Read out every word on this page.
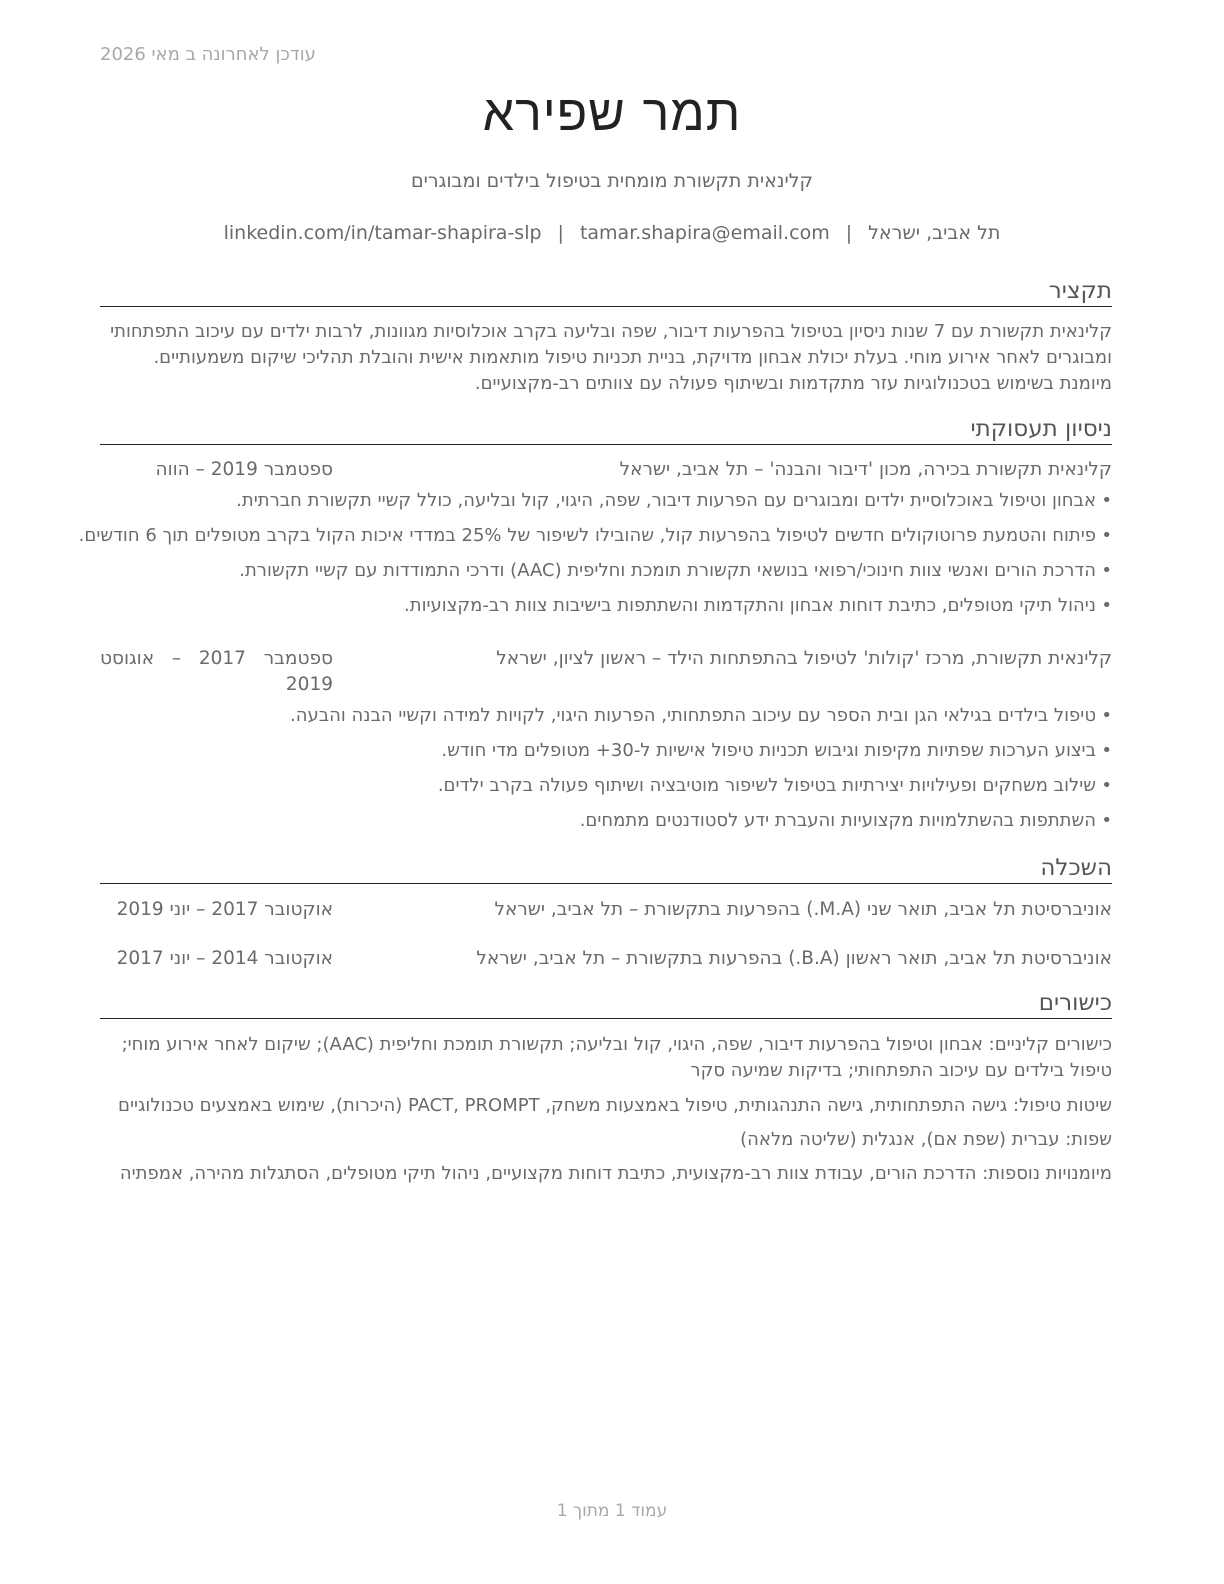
עודכן לאחרונה ב מאי 2026
תמר שפירא
קלינאית תקשורת מומחית בטיפול בילדים ומבוגרים
תל אביב, ישראל|tamar.shapira@email.com|linkedin.com/in/tamar-shapira-slp
תקציר
קלינאית תקשורת עם 7 שנות ניסיון בטיפול בהפרעות דיבור, שפה ובליעה בקרב אוכלוסיות מגוונות, לרבות ילדים עם עיכוב התפתחותי ומבוגרים לאחר אירוע מוחי. בעלת יכולת אבחון מדויקת, בניית תכניות טיפול מותאמות אישית והובלת תהליכי שיקום משמעותיים. מיומנת בשימוש בטכנולוגיות עזר מתקדמות ובשיתוף פעולה עם צוותים רב-מקצועיים.
ניסיון תעסוקתי
קלינאית תקשורת בכירה, מכון 'דיבור והבנה' – תל אביב, ישראל
ספטמבר 2019 – הווה
• אבחון וטיפול באוכלוסיית ילדים ומבוגרים עם הפרעות דיבור, שפה, היגוי, קול ובליעה, כולל קשיי תקשורת חברתית.
• פיתוח והטמעת פרוטוקולים חדשים לטיפול בהפרעות קול, שהובילו לשיפור של 25% במדדי איכות הקול בקרב מטופלים תוך 6 חודשים.
• הדרכת הורים ואנשי צוות חינוכי/רפואי בנושאי תקשורת תומכת וחליפית (AAC) ודרכי התמודדות עם קשיי תקשורת.
• ניהול תיקי מטופלים, כתיבת דוחות אבחון והתקדמות והשתתפות בישיבות צוות רב-מקצועיות.
קלינאית תקשורת, מרכז 'קולות' לטיפול בהתפתחות הילד – ראשון לציון, ישראל
ספטמבר 2017 – אוגוסט 2019
• טיפול בילדים בגילאי הגן ובית הספר עם עיכוב התפתחותי, הפרעות היגוי, לקויות למידה וקשיי הבנה והבעה.
• ביצוע הערכות שפתיות מקיפות וגיבוש תכניות טיפול אישיות ל-30+ מטופלים מדי חודש.
• שילוב משחקים ופעילויות יצירתיות בטיפול לשיפור מוטיבציה ושיתוף פעולה בקרב ילדים.
• השתתפות בהשתלמויות מקצועיות והעברת ידע לסטודנטים מתמחים.
השכלה
אוניברסיטת תל אביב, תואר שני (M.A.) בהפרעות בתקשורת – תל אביב, ישראל
אוקטובר 2017 – יוני 2019
אוניברסיטת תל אביב, תואר ראשון (B.A.) בהפרעות בתקשורת – תל אביב, ישראל
אוקטובר 2014 – יוני 2017
כישורים
כישורים קליניים: אבחון וטיפול בהפרעות דיבור, שפה, היגוי, קול ובליעה; תקשורת תומכת וחליפית (AAC); שיקום לאחר אירוע מוחי; טיפול בילדים עם עיכוב התפתחותי; בדיקות שמיעה סקר
שיטות טיפול: גישה התפתחותית, גישה התנהגותית, טיפול באמצעות משחק, PACT, PROMPT (היכרות), שימוש באמצעים טכנולוגיים
שפות: עברית (שפת אם), אנגלית (שליטה מלאה)
מיומנויות נוספות: הדרכת הורים, עבודת צוות רב-מקצועית, כתיבת דוחות מקצועיים, ניהול תיקי מטופלים, הסתגלות מהירה, אמפתיה
עמוד 1 מתוך 1
